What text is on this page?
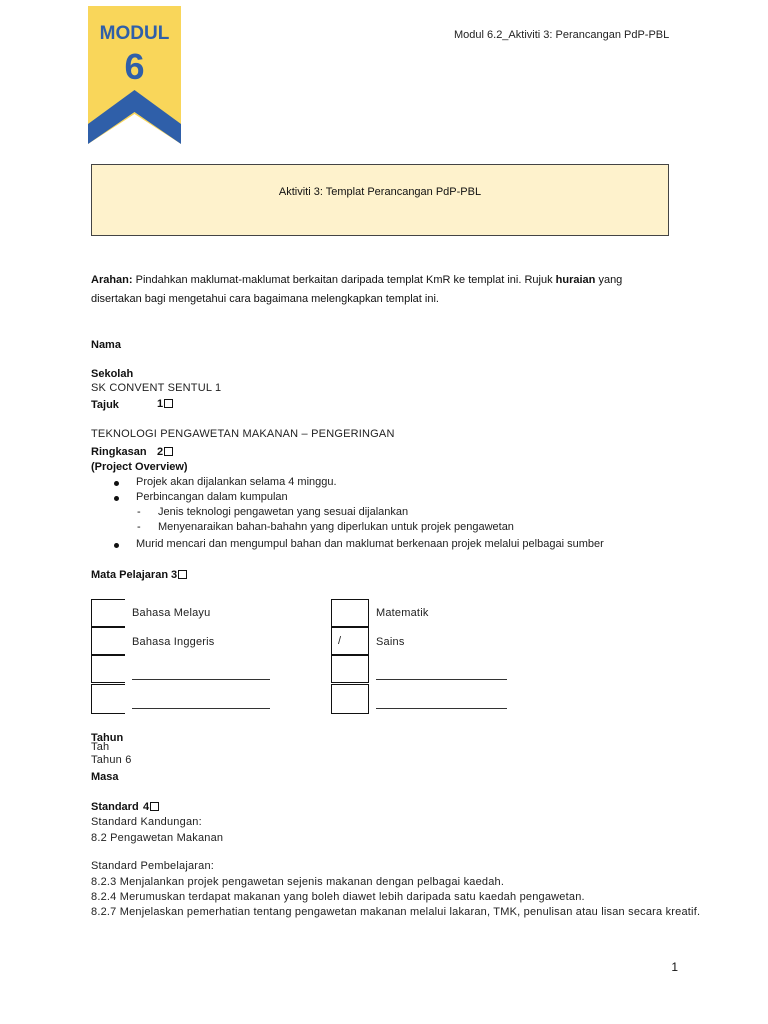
MODUL
6
Modul 6.2_Aktiviti 3: Perancangan PdP-PBL
Aktiviti 3: Templat Perancangan PdP-PBL
Arahan: Pindahkan maklumat-maklumat berkaitan daripada templat KmR ke templat ini. Rujuk huraian yang disertakan bagi mengetahui cara bagaimana melengkapkan templat ini.
Nama
Sekolah
SK CONVENT SENTUL 1
Tajuk	1
TEKNOLOGI PENGAWETAN MAKANAN – PENGERINGAN
Ringkasan 2
(Project Overview)
Projek akan dijalankan selama 4 minggu.
Perbincangan dalam kumpulan
- Jenis teknologi pengawetan yang sesuai dijalankan
- Menyenaraikan bahan-bahahn yang diperlukan untuk projek pengawetan
Murid mencari dan mengumpul bahan dan maklumat berkenaan projek melalui pelbagai sumber
Mata Pelajaran 3
Bahasa Melayu
Bahasa Inggeris
Matematik
/	Sains
Tahun
Tah
Tahun 6
Masa
Standard 4
Standard Kandungan:
8.2 Pengawetan Makanan
Standard Pembelajaran:
8.2.3 Menjalankan projek pengawetan sejenis makanan dengan pelbagai kaedah.
8.2.4 Merumuskan terdapat makanan yang boleh diawet lebih daripada satu kaedah pengawetan.
8.2.7 Menjelaskan pemerhatian tentang pengawetan makanan melalui lakaran, TMK, penulisan atau lisan secara kreatif.
1
